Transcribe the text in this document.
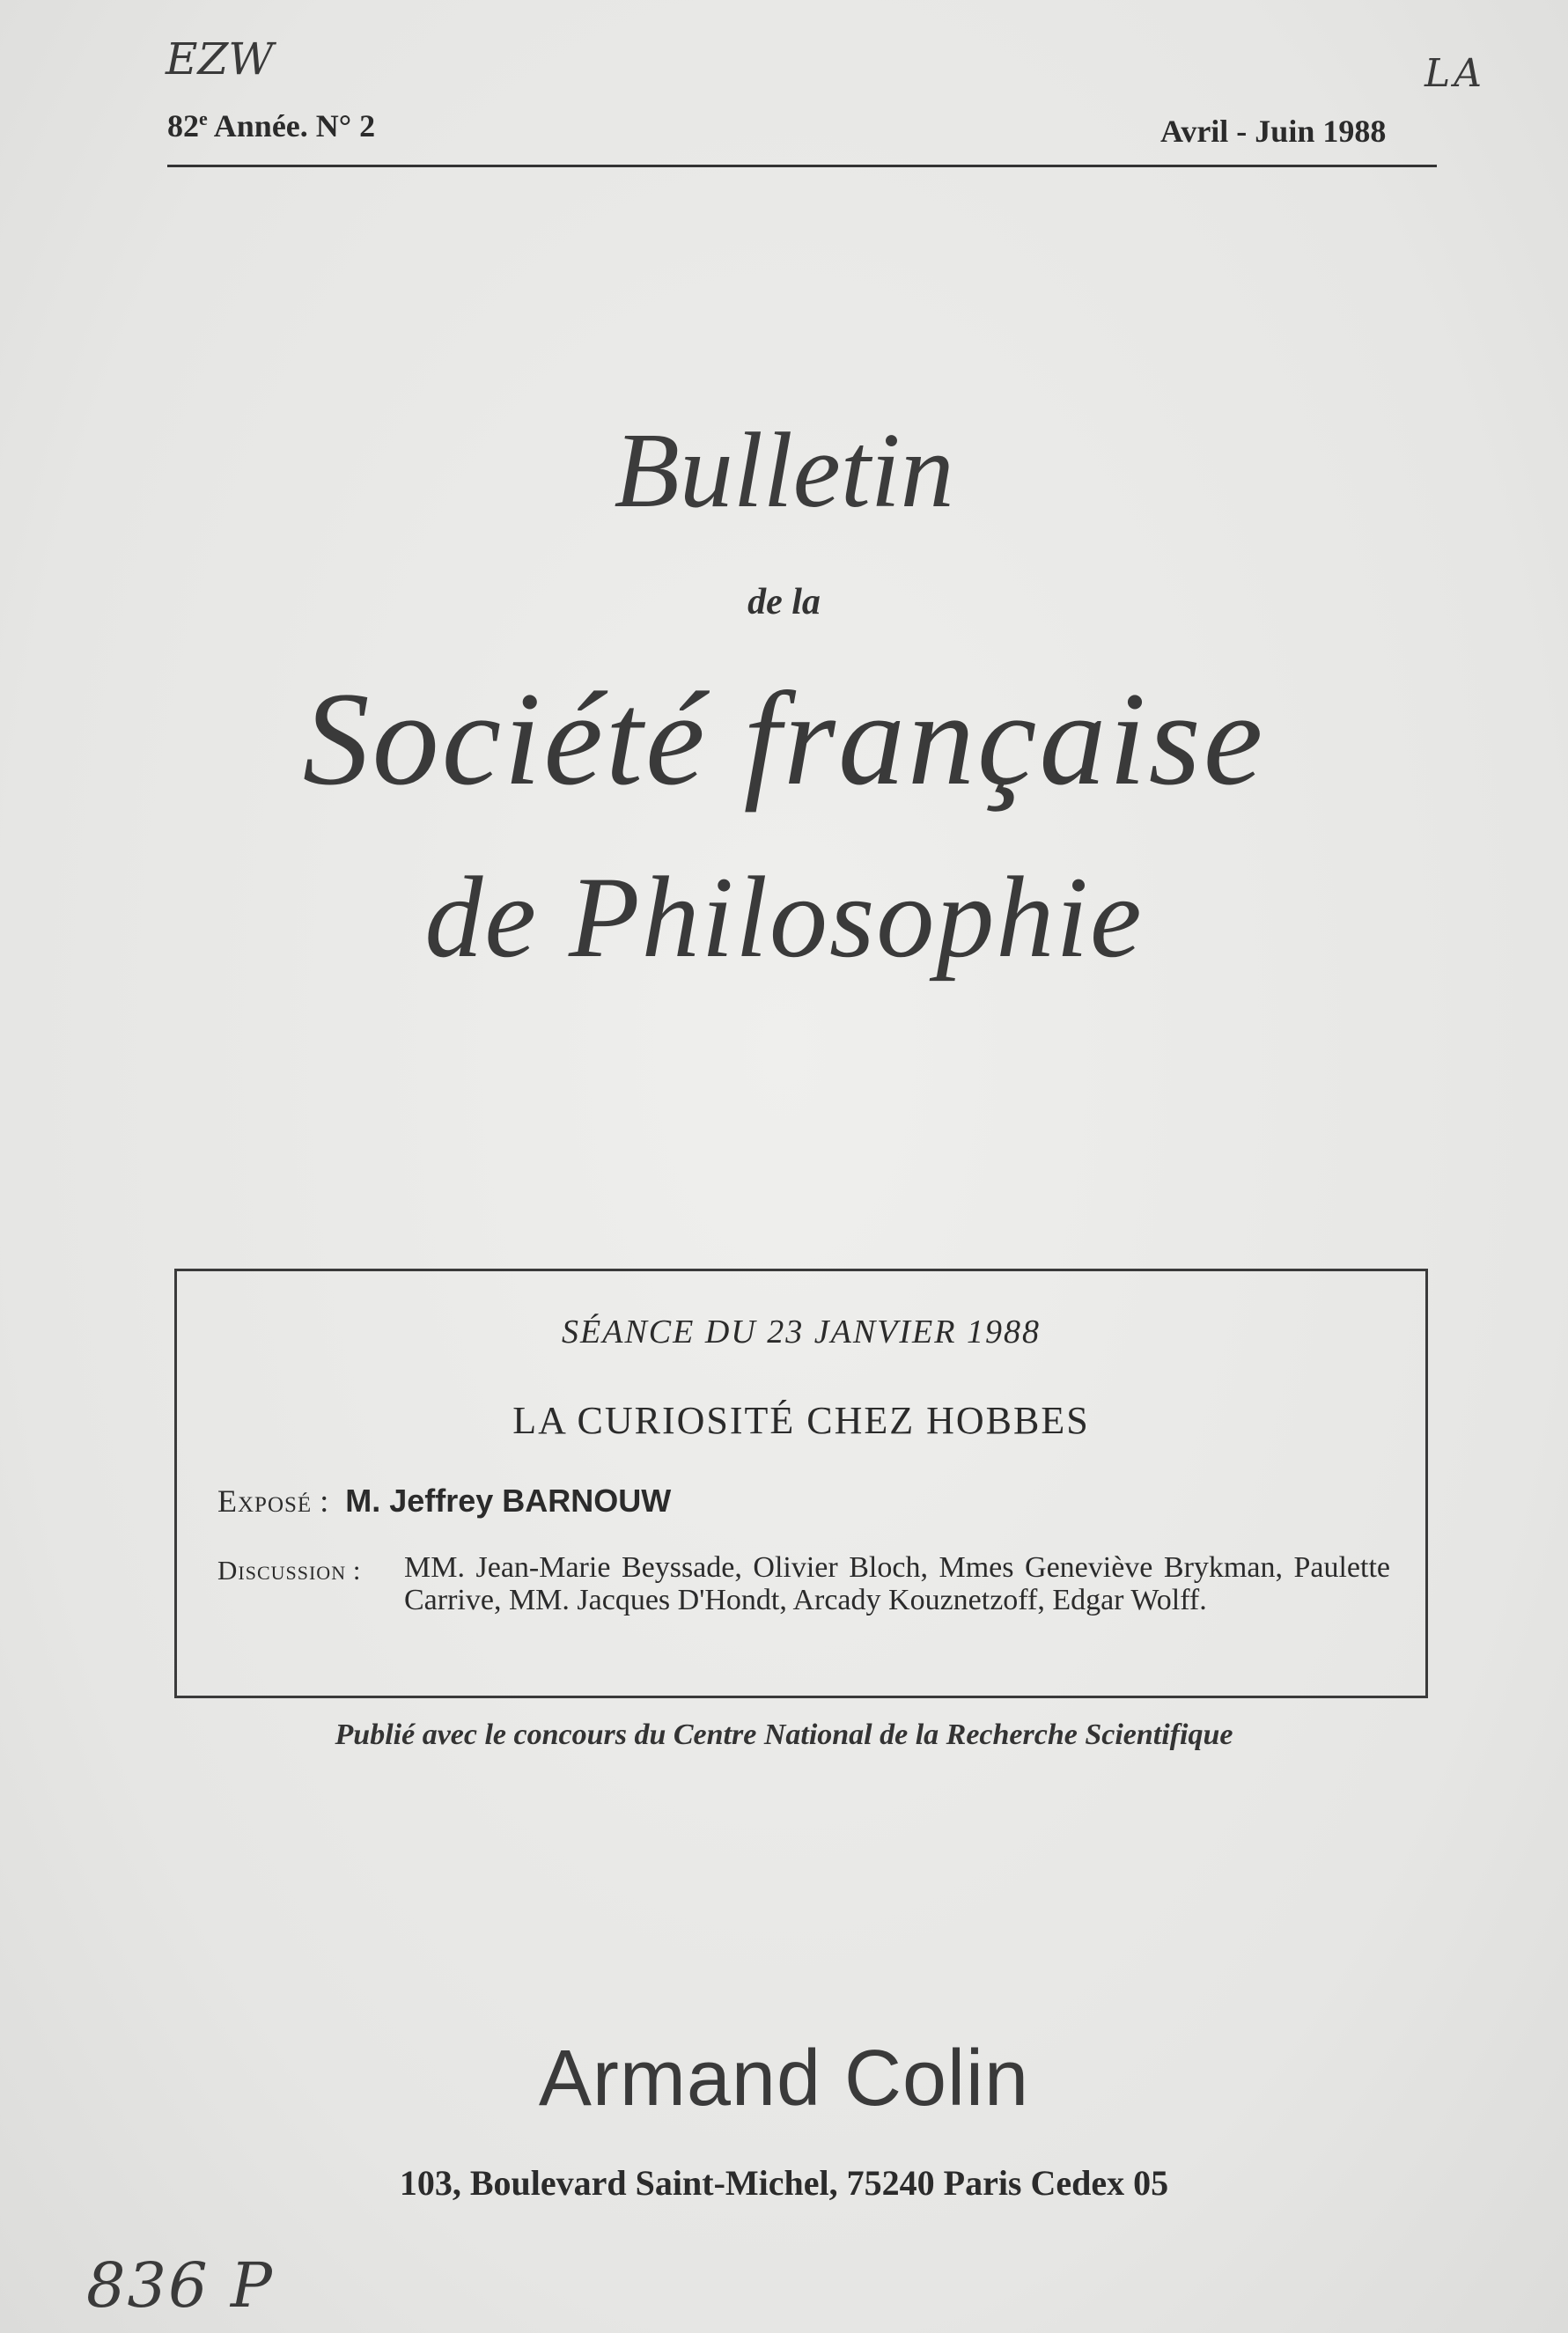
EZW	LA
82e Année. N° 2	Avril - Juin 1988
Bulletin
de la
Société française
de Philosophie
SÉANCE DU 23 JANVIER 1988
LA CURIOSITÉ CHEZ HOBBES
Exposé : M. Jeffrey BARNOUW
Discussion : MM. Jean-Marie Beyssade, Olivier Bloch, Mmes Geneviève Brykman, Paulette Carrive, MM. Jacques D'Hondt, Arcady Kouznetzoff, Edgar Wolff.
Publié avec le concours du Centre National de la Recherche Scientifique
Armand Colin
103, Boulevard Saint-Michel, 75240 Paris Cedex 05
836 P
